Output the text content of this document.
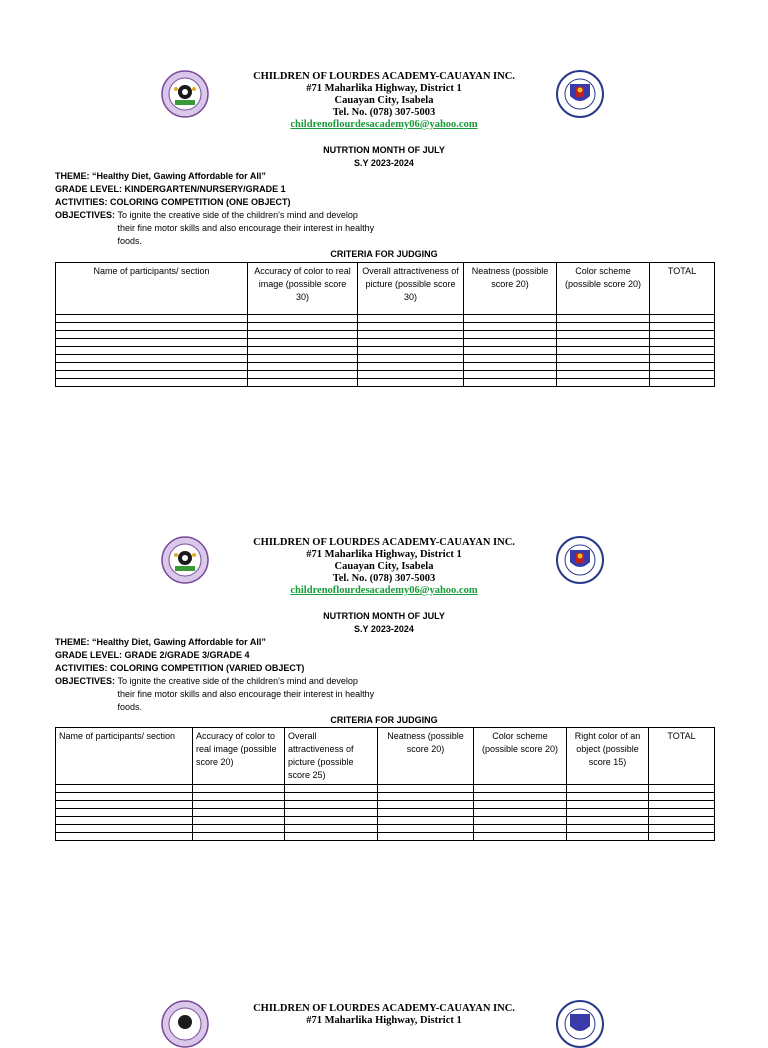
CHILDREN OF LOURDES ACADEMY-CAUAYAN INC.
#71 Maharlika Highway, District 1
Cauayan City, Isabela
Tel. No. (078) 307-5003
childrenoflourdesacademy06@yahoo.com
NUTRTION MONTH OF JULY
S.Y 2023-2024
THEME: “Healthy Diet, Gawing Affordable for All”
GRADE LEVEL: KINDERGARTEN/NURSERY/GRADE 1
ACTIVITIES: COLORING COMPETITION (ONE OBJECT)
OBJECTIVES:
To ignite the creative side of the children's mind and develop their fine motor skills and also encourage their interest in healthy foods.
CRITERIA FOR JUDGING
Name of participants/ section	Accuracy of color to real image (possible score 30)	Overall attractiveness of picture (possible score 30)	Neatness (possible score 20)	Color scheme (possible score 20)	TOTAL

CHILDREN OF LOURDES ACADEMY-CAUAYAN INC.
#71 Maharlika Highway, District 1
Cauayan City, Isabela
Tel. No. (078) 307-5003
childrenoflourdesacademy06@yahoo.com
NUTRTION MONTH OF JULY
S.Y 2023-2024
THEME: “Healthy Diet, Gawing Affordable for All”
GRADE LEVEL: GRADE 2/GRADE 3/GRADE 4
ACTIVITIES: COLORING COMPETITION (VARIED OBJECT)
OBJECTIVES:
To ignite the creative side of the children's mind and develop their fine motor skills and also encourage their interest in healthy foods.
CRITERIA FOR JUDGING
Name of participants/ section	Accuracy of color to real image (possible score 20)	Overall attractiveness of picture (possible score 25)	Neatness (possible score 20)	Color scheme (possible score 20)	Right color of an object (possible score 15)	TOTAL

CHILDREN OF LOURDES ACADEMY-CAUAYAN INC.
#71 Maharlika Highway, District 1
